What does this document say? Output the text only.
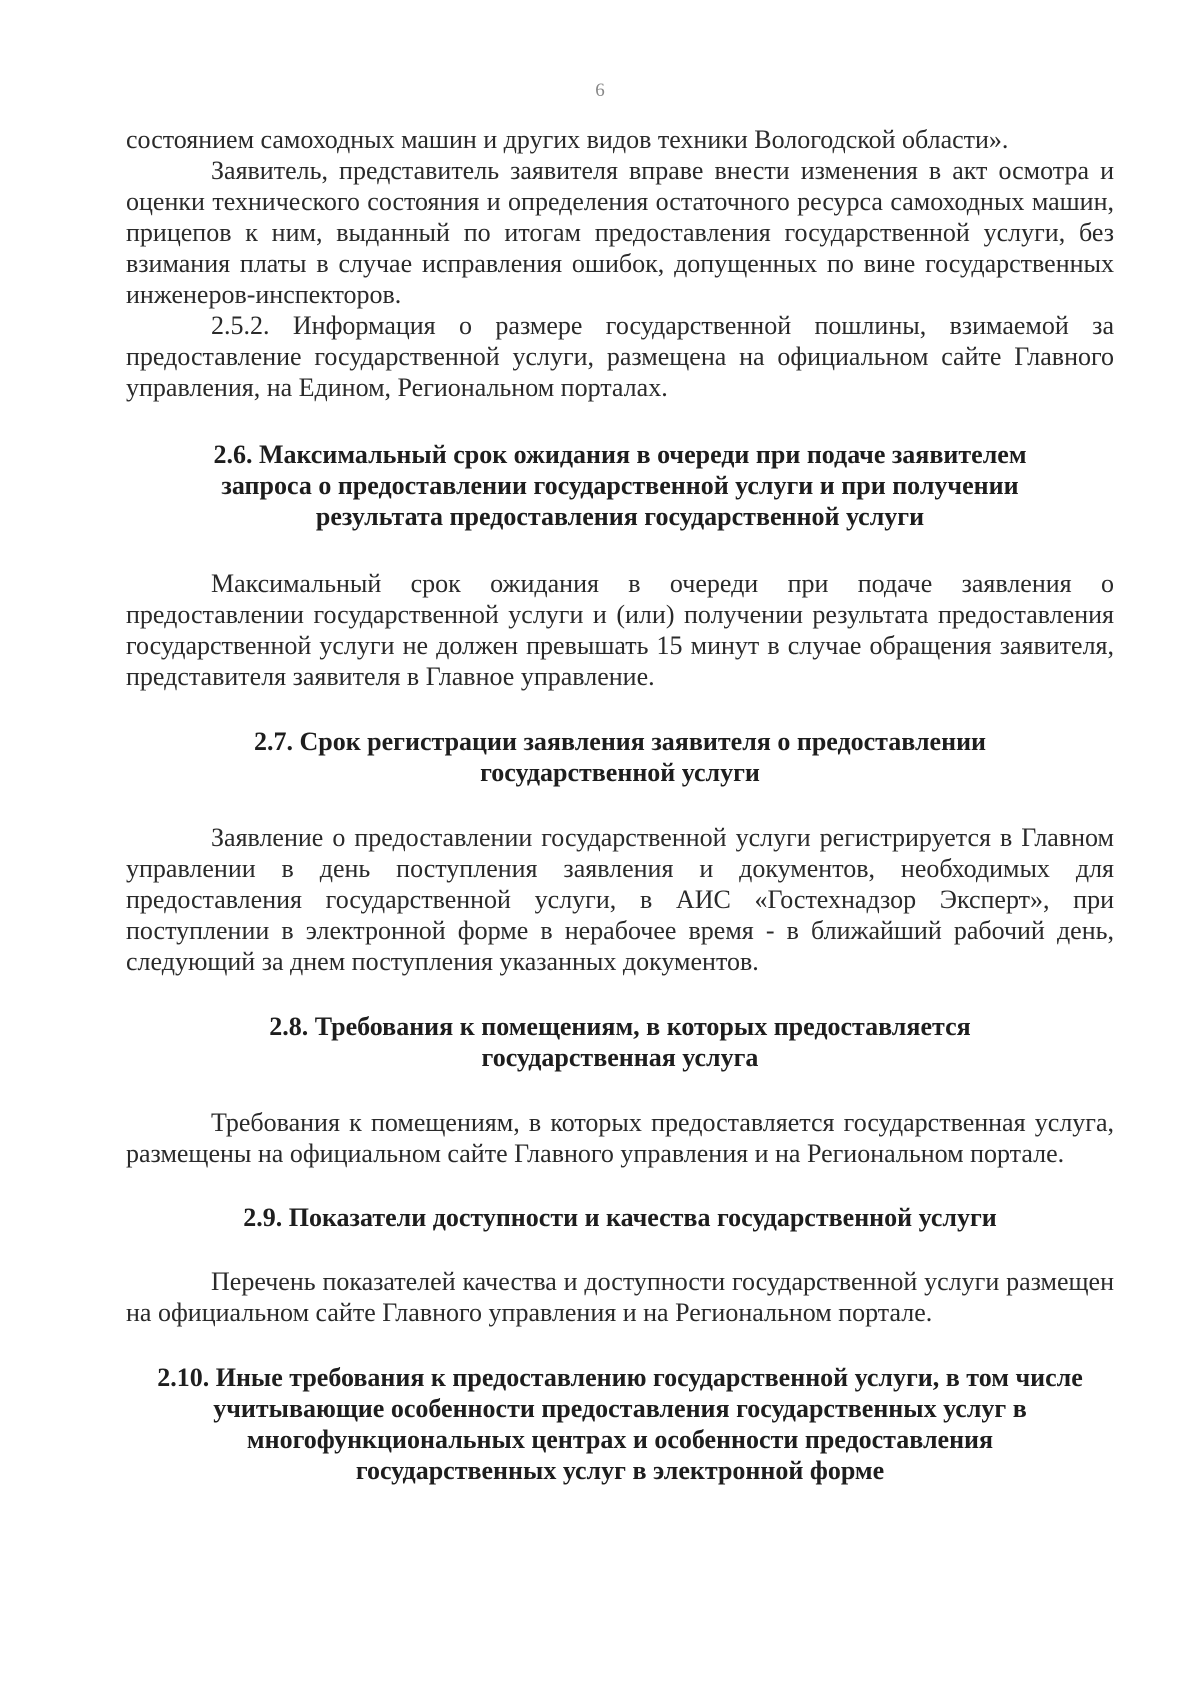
6

состоянием самоходных машин и других видов техники Вологодской области».

Заявитель, представитель заявителя вправе внести изменения в акт осмотра и оценки технического состояния и определения остаточного ресурса самоходных машин, прицепов к ним, выданный по итогам предоставления государственной услуги, без взимания платы в случае исправления ошибок, допущенных по вине государственных инженеров-инспекторов.

2.5.2. Информация о размере государственной пошлины, взимаемой за предоставление государственной услуги, размещена на официальном сайте Главного управления, на Едином, Региональном порталах.

2.6. Максимальный срок ожидания в очереди при подаче заявителем запроса о предоставлении государственной услуги и при получении результата предоставления государственной услуги

Максимальный срок ожидания в очереди при подаче заявления о предоставлении государственной услуги и (или) получении результата предоставления государственной услуги не должен превышать 15 минут в случае обращения заявителя, представителя заявителя в Главное управление.

2.7. Срок регистрации заявления заявителя о предоставлении государственной услуги

Заявление о предоставлении государственной услуги регистрируется в Главном управлении в день поступления заявления и документов, необходимых для предоставления государственной услуги, в АИС «Гостехнадзор Эксперт», при поступлении в электронной форме в нерабочее время - в ближайший рабочий день, следующий за днем поступления указанных документов.

2.8. Требования к помещениям, в которых предоставляется государственная услуга

Требования к помещениям, в которых предоставляется государственная услуга, размещены на официальном сайте Главного управления и на Региональном портале.

2.9. Показатели доступности и качества государственной услуги

Перечень показателей качества и доступности государственной услуги размещен на официальном сайте Главного управления и на Региональном портале.

2.10. Иные требования к предоставлению государственной услуги, в том числе учитывающие особенности предоставления государственных услуг в многофункциональных центрах и особенности предоставления государственных услуг в электронной форме
